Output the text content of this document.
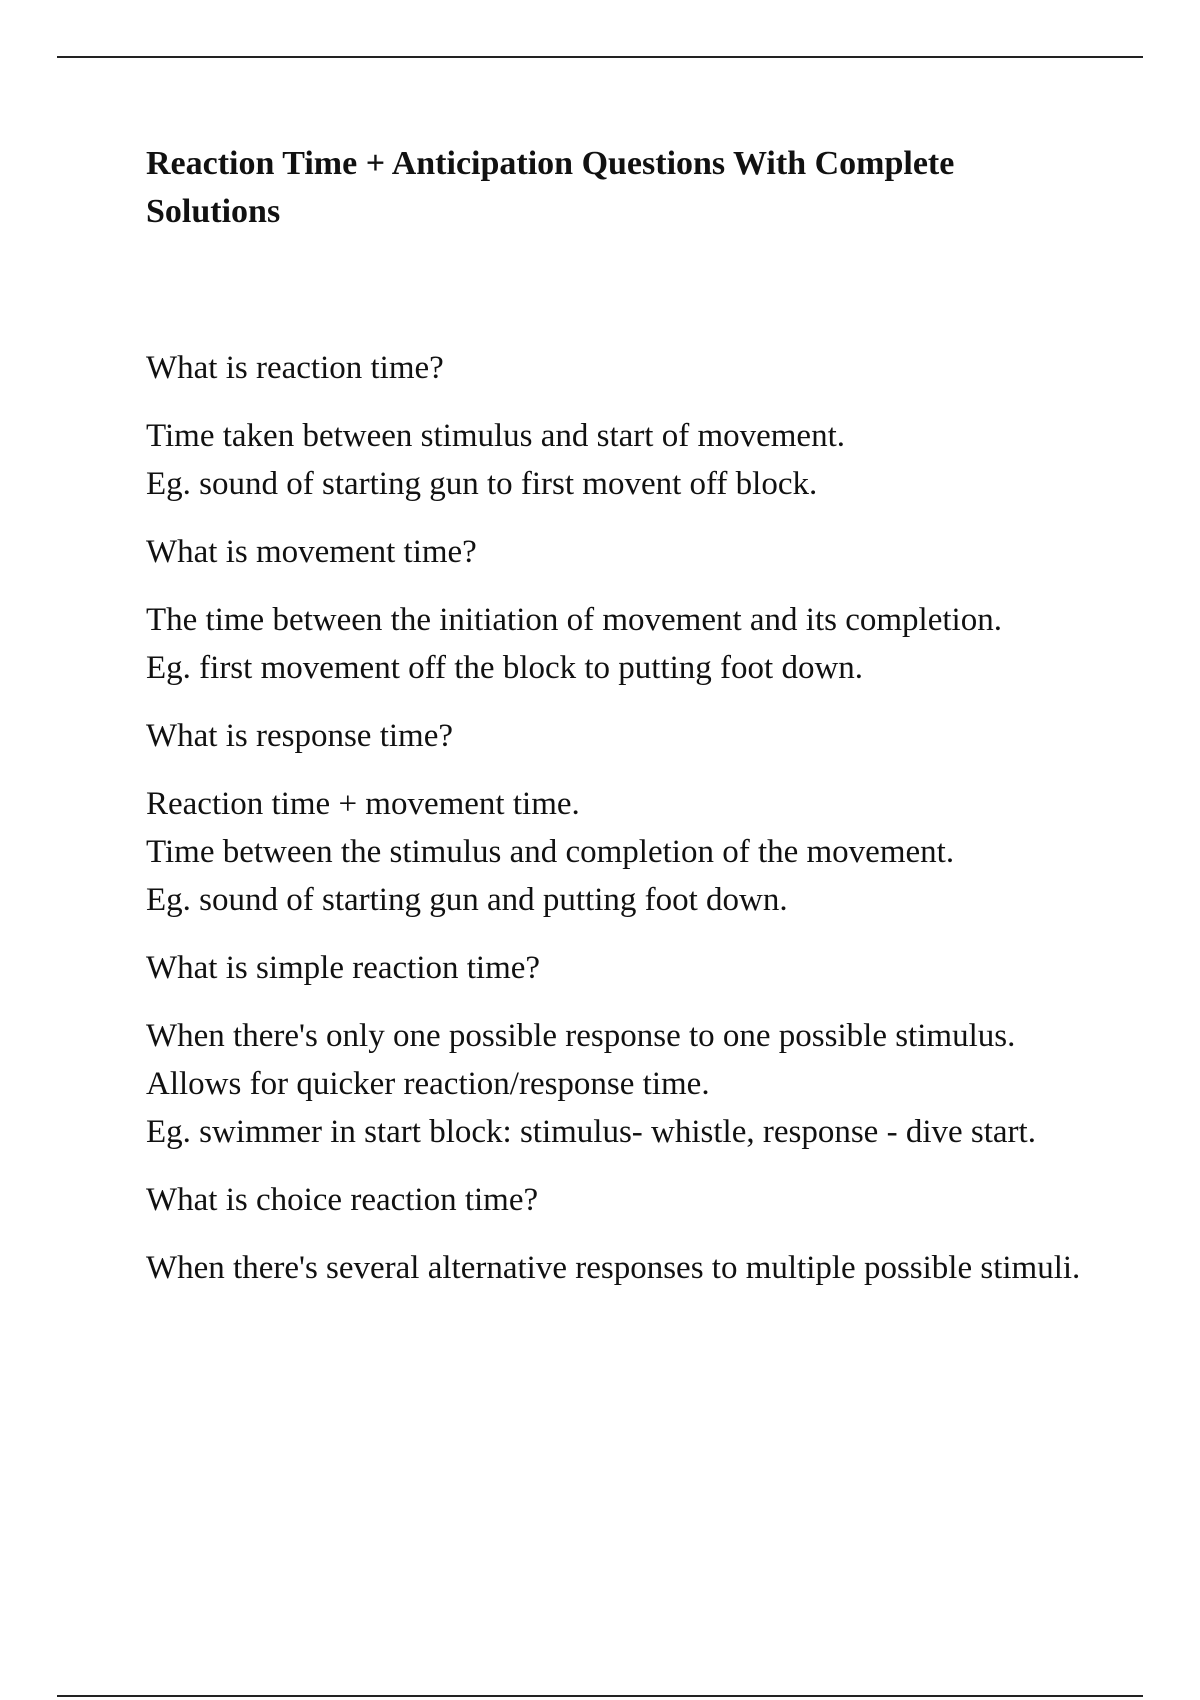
Reaction Time + Anticipation Questions With Complete Solutions

What is reaction time?

Time taken between stimulus and start of movement.
Eg. sound of starting gun to first movent off block.

What is movement time?

The time between the initiation of movement and its completion.
Eg. first movement off the block to putting foot down.

What is response time?

Reaction time + movement time.
Time between the stimulus and completion of the movement.
Eg. sound of starting gun and putting foot down.

What is simple reaction time?

When there's only one possible response to one possible stimulus.
Allows for quicker reaction/response time.
Eg. swimmer in start block: stimulus- whistle, response - dive start.

What is choice reaction time?

When there's several alternative responses to multiple possible stimuli.
